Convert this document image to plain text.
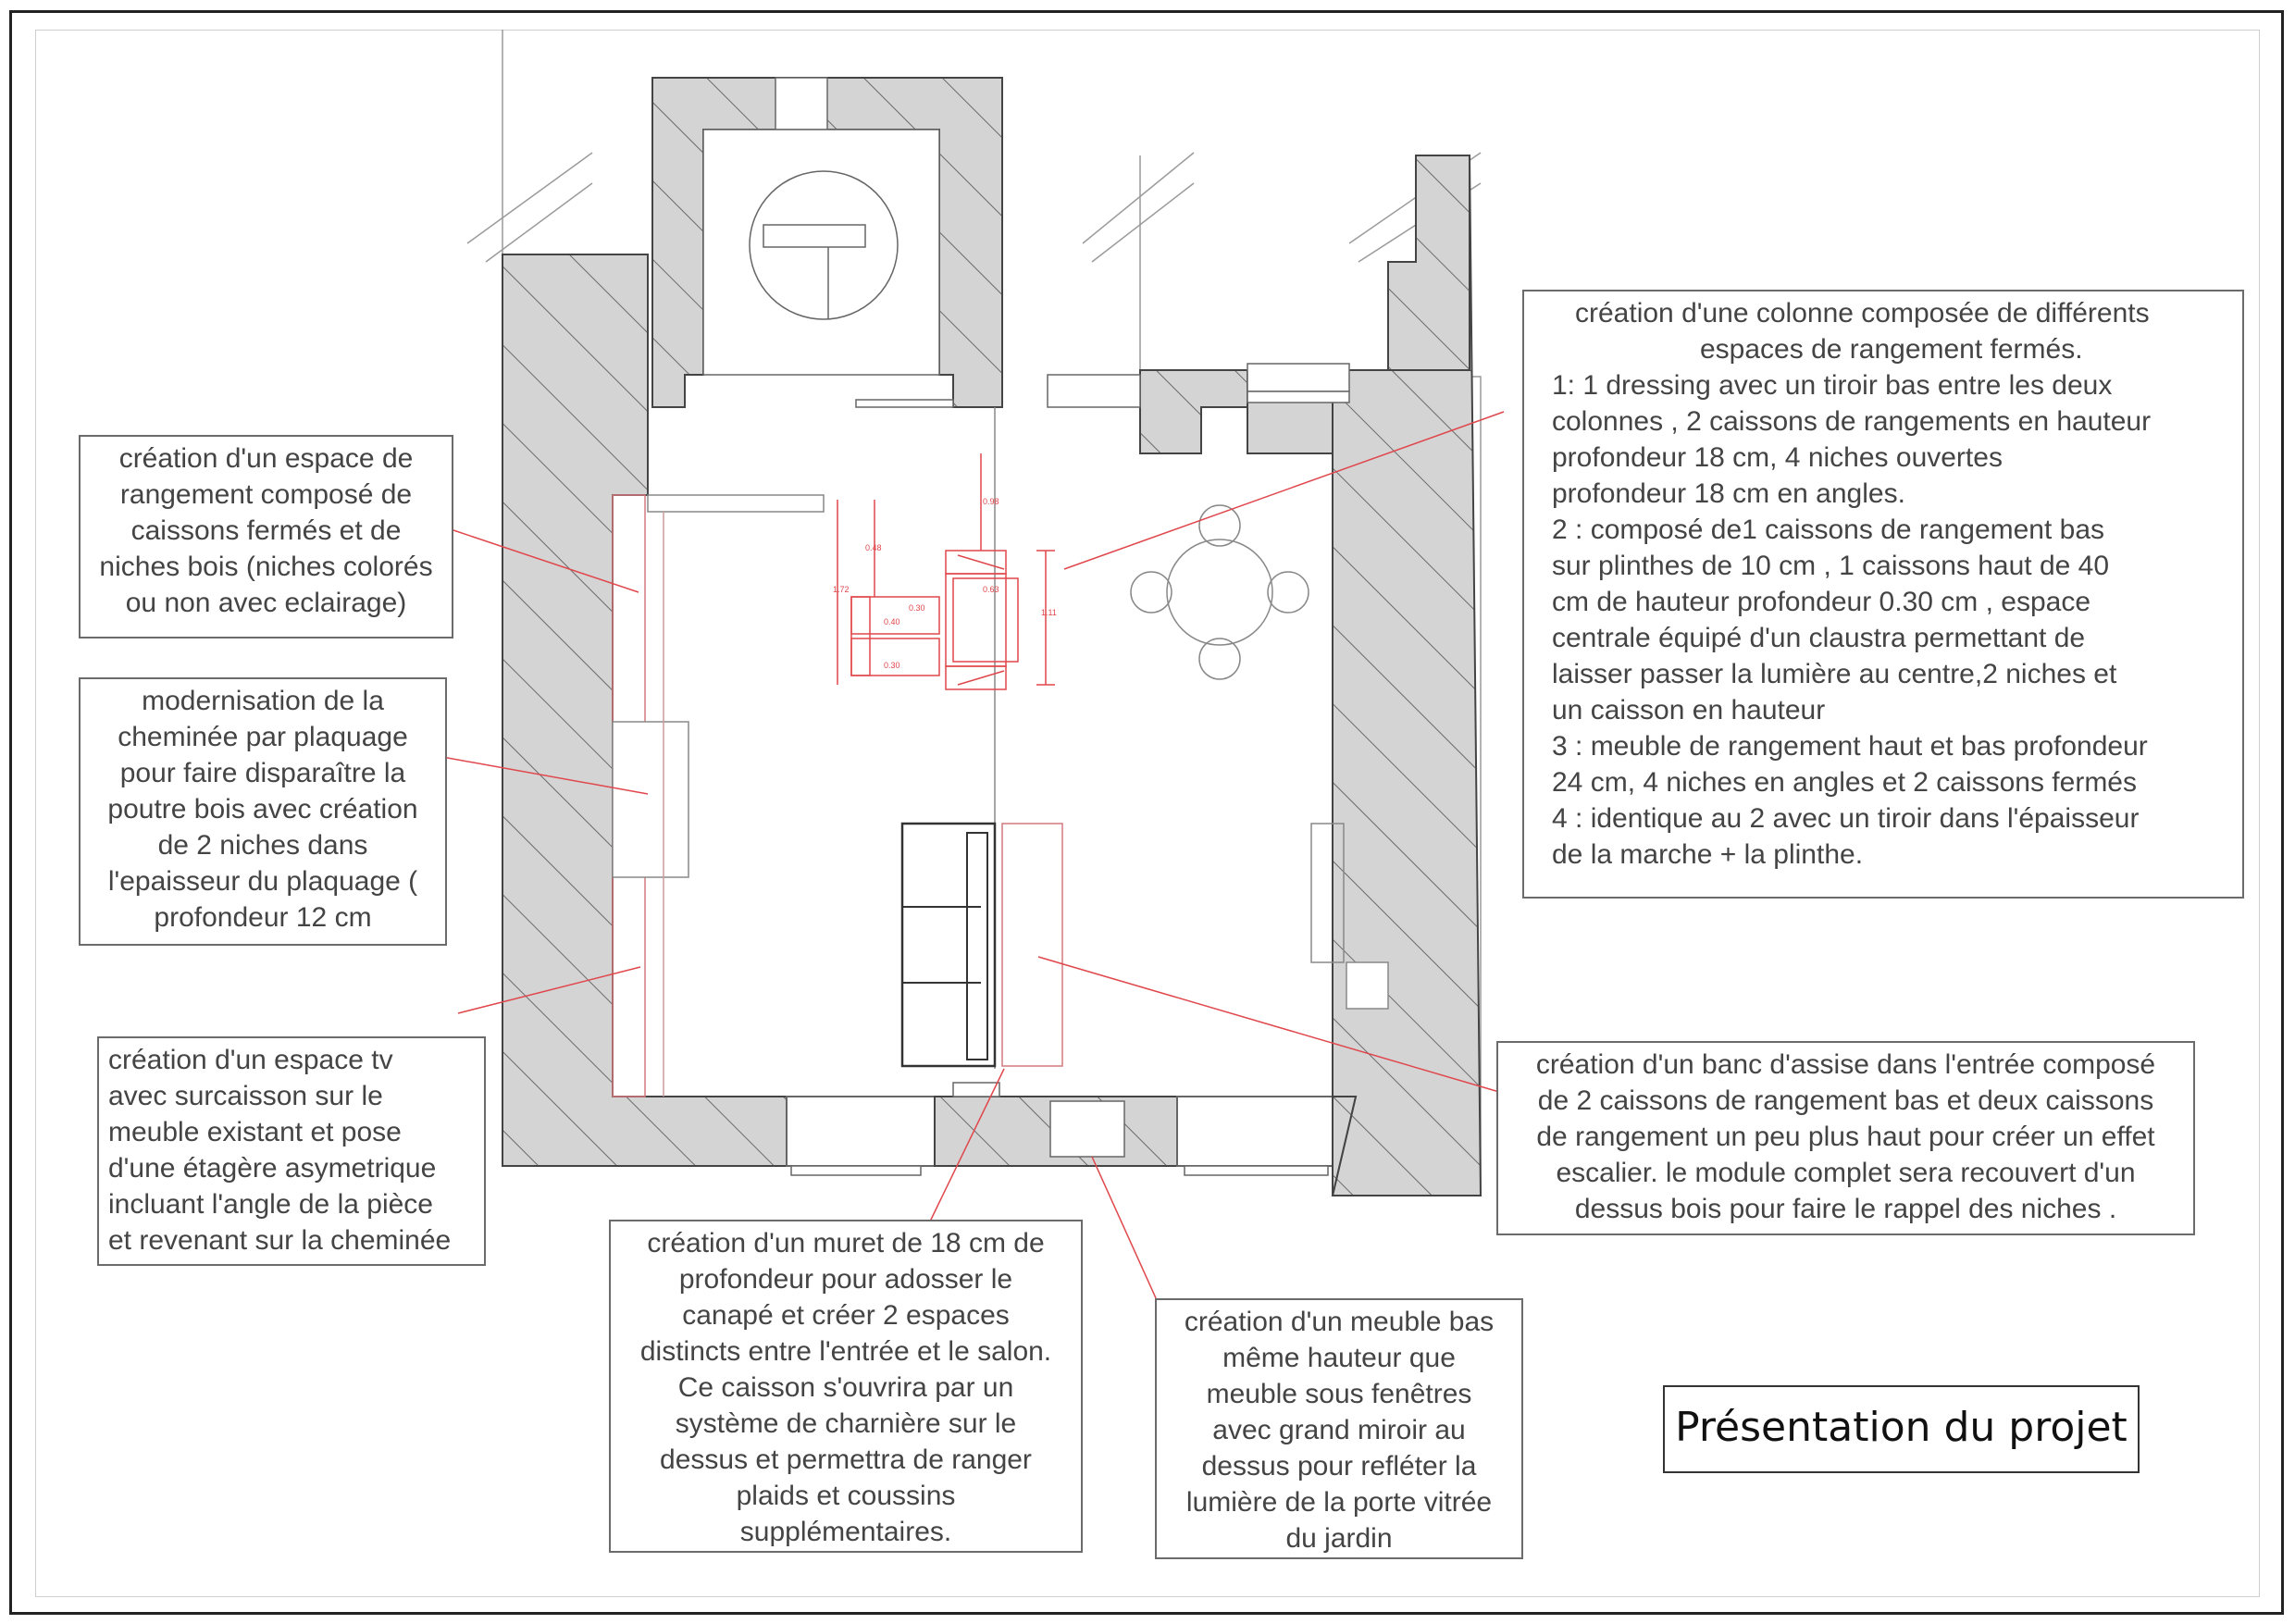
0.98
0.48
1.72
1.11
0.40
0.30
0.30
0.63
création d'une colonne composée de différents
espaces de rangement fermés.
1: 1 dressing avec un tiroir bas entre les deux
colonnes , 2 caissons de rangements en hauteur
profondeur 18 cm, 4 niches ouvertes
profondeur 18 cm en angles.
2 : composé de1 caissons de rangement bas
sur plinthes de 10 cm , 1 caissons haut de 40
cm de hauteur profondeur 0.30 cm , espace
centrale équipé d'un claustra permettant de
laisser passer la lumière au centre,2 niches et
un caisson en hauteur
3 : meuble de rangement haut et bas profondeur
24 cm, 4 niches en angles et 2 caissons fermés
4 : identique au 2 avec un tiroir dans l'épaisseur
de la marche + la plinthe.
création d'un espace de
rangement composé de
caissons fermés et de
niches bois (niches colorés
ou non avec eclairage)
modernisation de la
cheminée par plaquage
pour faire disparaître la
poutre bois avec création
de 2 niches dans
l'epaisseur du plaquage (
profondeur 12 cm
création d'un espace tv
avec surcaisson sur le
meuble existant et pose
d'une étagère asymetrique
incluant l'angle de la pièce
et revenant sur la cheminée	création d'un muret de 18 cm de
profondeur pour adosser le
canapé et créer 2 espaces
distincts entre l'entrée et le salon.
Ce caisson s'ouvrira par un
système de charnière sur le
dessus et permettra de ranger
plaids et coussins
supplémentaires.
création d'un meuble bas
même hauteur que
meuble sous fenêtres
avec grand miroir au
dessus pour refléter la
lumière de la porte vitrée
du jardin
création d'un banc d'assise dans l'entrée composé
de 2 caissons de rangement bas et deux caissons
de rangement un peu plus haut pour créer un effet
escalier. le module complet sera recouvert d'un
dessus bois pour faire le rappel des niches .
Présentation du projet
